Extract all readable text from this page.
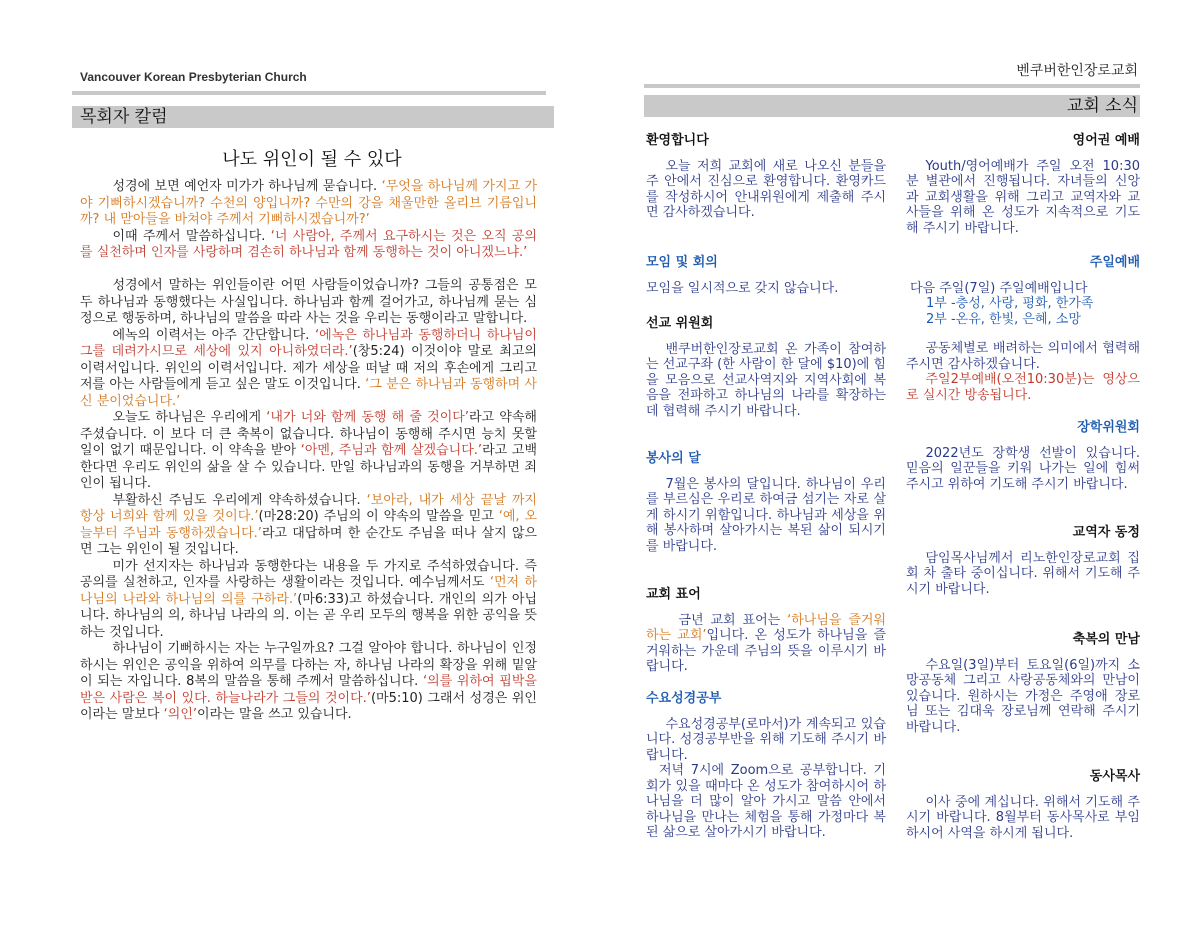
Vancouver Korean Presbyterian Church
목회자 칼럼
나도 위인이 될 수 있다

성경에 보면 예언자 미가가 하나님께 묻습니다. ‘무엇을 하나님께 가지고 가야 기뻐하시겠습니까? 수천의 양입니까? 수만의 강을 채울만한 올리브 기름입니까? 내 맏아들을 바쳐야 주께서 기뻐하시겠습니까?’

이때 주께서 말씀하십니다. ‘너 사람아, 주께서 요구하시는 것은 오직 공의를 실천하며 인자를 사랑하며 겸손히 하나님과 함께 동행하는 것이 아니겠느냐.’

성경에서 말하는 위인들이란 어떤 사람들이었습니까? 그들의 공통점은 모두 하나님과 동행했다는 사실입니다. 하나님과 함께 걸어가고, 하나님께 묻는 심정으로 행동하며, 하나님의 말씀을 따라 사는 것을 우리는 동행이라고 말합니다.

에녹의 이력서는 아주 간단합니다. ‘에녹은 하나님과 동행하더니 하나님이 그를 데려가시므로 세상에 있지 아니하였더라.’(창5:24) 이것이야 말로 최고의 이력서입니다. 위인의 이력서입니다. 제가 세상을 떠날 때 저의 후손에게 그리고 저를 아는 사람들에게 듣고 싶은 말도 이것입니다. ‘그 분은 하나님과 동행하며 사신 분이었습니다.’

오늘도 하나님은 우리에게 ‘내가 너와 함께 동행 해 줄 것이다’라고 약속해 주셨습니다. 이 보다 더 큰 축복이 없습니다. 하나님이 동행해 주시면 능치 못할 일이 없기 때문입니다. 이 약속을 받아 ‘아멘, 주님과 함께 살겠습니다.’라고 고백한다면 우리도 위인의 삶을 살 수 있습니다. 만일 하나님과의 동행을 거부하면 죄인이 됩니다.

부활하신 주님도 우리에게 약속하셨습니다. ‘보아라, 내가 세상 끝날 까지 항상 너희와 함께 있을 것이다.’(마28:20) 주님의 이 약속의 말씀을 믿고 ‘예, 오늘부터 주님과 동행하겠습니다.’라고 대답하며 한 순간도 주님을 떠나 살지 않으면 그는 위인이 될 것입니다.

미가 선지자는 하나님과 동행한다는 내용을 두 가지로 주석하였습니다. 즉 공의를 실천하고, 인자를 사랑하는 생활이라는 것입니다. 예수님께서도 ‘먼저 하나님의 나라와 하나님의 의를 구하라.’(마6:33)고 하셨습니다. 개인의 의가 아닙니다. 하나님의 의, 하나님 나라의 의. 이는 곧 우리 모두의 행복을 위한 공익을 뜻하는 것입니다.

하나님이 기뻐하시는 자는 누구일까요? 그걸 알아야 합니다. 하나님이 인정하시는 위인은 공익을 위하여 의무를 다하는 자, 하나님 나라의 확장을 위해 밑알이 되는 자입니다. 8복의 말씀을 통해 주께서 말씀하십니다. ‘의를 위하여 핍박을 받은 사람은 복이 있다. 하늘나라가 그들의 것이다.’(마5:10) 그래서 성경은 위인이라는 말보다 ‘의인’이라는 말을 쓰고 있습니다.

벤쿠버한인장로교회
교회 소식
환영합니다

오늘 저희 교회에 새로 나오신 분들을 주 안에서 진심으로 환영합니다. 환영카드를 작성하시어 안내위원에게 제출해 주시면 감사하겠습니다.

모임 및 회의

모임을 일시적으로 갖지 않습니다.

선교 위원회

밴쿠버한인장로교회 온 가족이 참여하는 선교구좌 (한 사람이 한 달에 $10)에 힘을 모음으로 선교사역지와 지역사회에 복음을 전파하고 하나님의 나라를 확장하는데 협력해 주시기 바랍니다.

봉사의 달

7월은 봉사의 달입니다. 하나님이 우리를 부르심은 우리로 하여금 섬기는 자로 살게 하시기 위함입니다. 하나님과 세상을 위해 봉사하며 살아가시는 복된 삶이 되시기를 바랍니다.

교회 표어

금년 교회 표어는 ‘하나님을 즐거워하는 교회’입니다. 온 성도가 하나님을 즐거워하는 가운데 주님의 뜻을 이루시기 바랍니다.

수요성경공부

수요성경공부(로마서)가 계속되고 있습니다. 성경공부반을 위해 기도해 주시기 바랍니다.

저녁 7시에 Zoom으로 공부합니다. 기회가 있을 때마다 온 성도가 참여하시어 하나님을 더 많이 알아 가시고 말씀 안에서 하나님을 만나는 체험을 통해 가정마다 복된 삶으로 살아가시기 바랍니다.

영어권 예배

Youth/영어예배가 주일 오전 10:30분 별관에서 진행됩니다. 자녀들의 신앙과 교회생활을 위해 그리고 교역자와 교사들을 위해 온 성도가 지속적으로 기도해 주시기 바랍니다.

주일예배

다음 주일(7일) 주일예배입니다

1부 -충성, 사랑, 평화, 한가족

2부 -온유, 한빛, 은혜, 소망

공동체별로 배려하는 의미에서 협력해 주시면 감사하겠습니다.

주일2부예배(오전10:30분)는 영상으로 실시간 방송됩니다.

장학위원회

2022년도 장학생 선발이 있습니다. 믿음의 일꾼들을 키워 나가는 일에 힘써 주시고 위하여 기도해 주시기 바랍니다.

교역자 동정

담임목사님께서 리노한인장로교회 집회 차 출타 중이십니다. 위해서 기도해 주시기 바랍니다.

축복의 만남

수요일(3일)부터 토요일(6일)까지 소망공동체 그리고 사랑공동체와의 만남이 있습니다. 원하시는 가정은 주영애 장로님 또는 김대욱 장로님께 연락해 주시기 바랍니다.

동사목사

이사 중에 계십니다. 위해서 기도해 주시기 바랍니다. 8월부터 동사목사로 부임하시어 사역을 하시게 됩니다.
